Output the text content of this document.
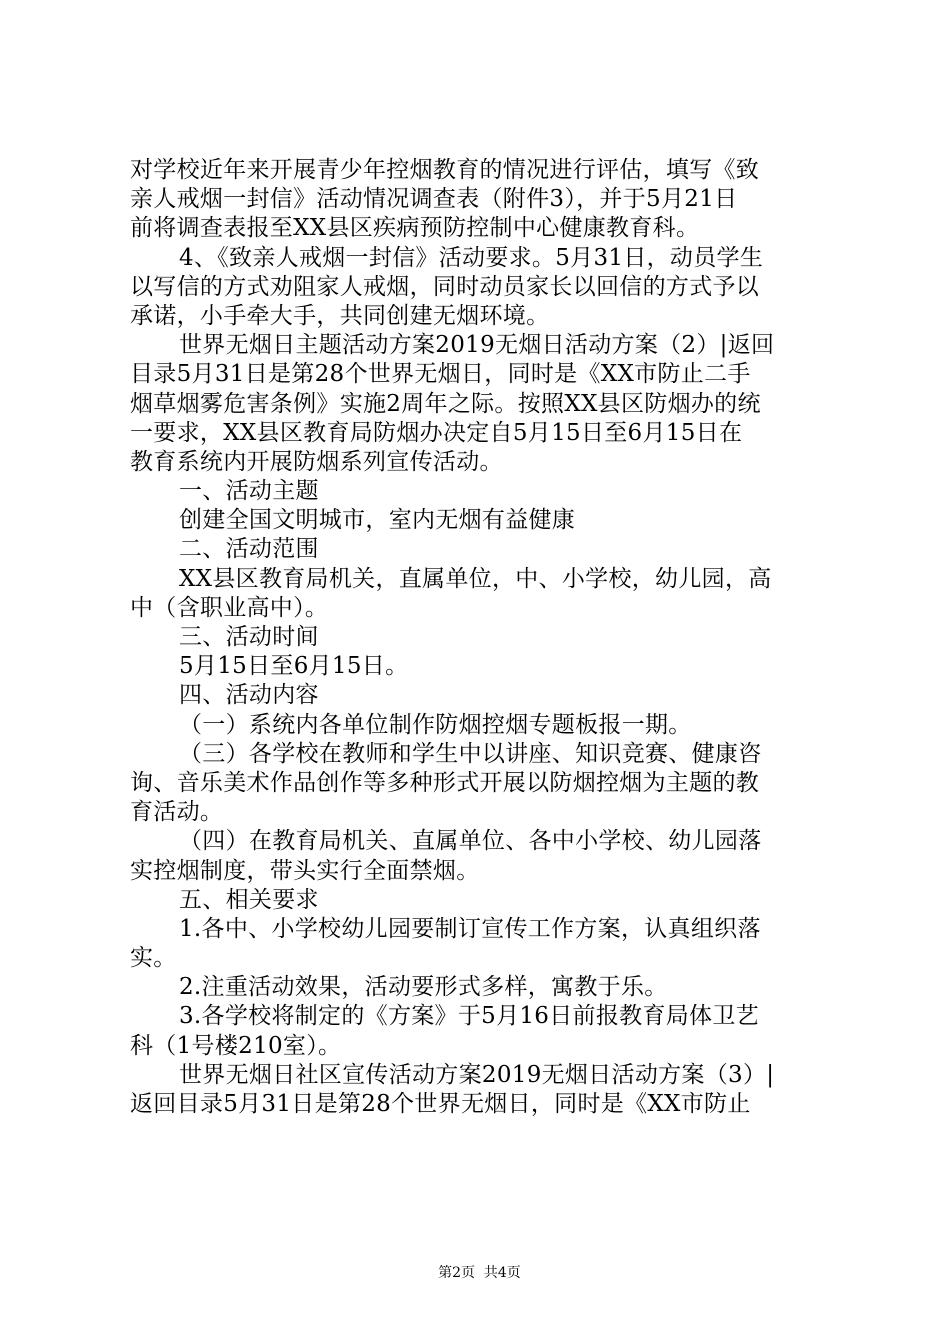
对学校近年来开展青少年控烟教育的情况进行评估，填写《致
亲人戒烟一封信》活动情况调查表（附件3），并于5月21日
前将调查表报至XX县区疾病预防控制中心健康教育科。
4、《致亲人戒烟一封信》活动要求。5月31日，动员学生
以写信的方式劝阻家人戒烟，同时动员家长以回信的方式予以
承诺，小手牵大手，共同创建无烟环境。
世界无烟日主题活动方案2019无烟日活动方案（2）|返回
目录5月31日是第28个世界无烟日，同时是《XX市防止二手
烟草烟雾危害条例》实施2周年之际。按照XX县区防烟办的统
一要求，XX县区教育局防烟办决定自5月15日至6月15日在
教育系统内开展防烟系列宣传活动。
一、活动主题
创建全国文明城市，室内无烟有益健康
二、活动范围
XX县区教育局机关，直属单位，中、小学校，幼儿园，高
中（含职业高中）。
三、活动时间
5月15日至6月15日。
四、活动内容
（一）系统内各单位制作防烟控烟专题板报一期。
（三）各学校在教师和学生中以讲座、知识竞赛、健康咨
询、音乐美术作品创作等多种形式开展以防烟控烟为主题的教
育活动。
（四）在教育局机关、直属单位、各中小学校、幼儿园落
实控烟制度，带头实行全面禁烟。
五、相关要求
1.各中、小学校幼儿园要制订宣传工作方案，认真组织落
实。
2.注重活动效果，活动要形式多样，寓教于乐。
3.各学校将制定的《方案》于5月16日前报教育局体卫艺
科（1号楼210室）。
世界无烟日社区宣传活动方案2019无烟日活动方案（3）|
返回目录5月31日是第28个世界无烟日，同时是《XX市防止

第2页  共4页
